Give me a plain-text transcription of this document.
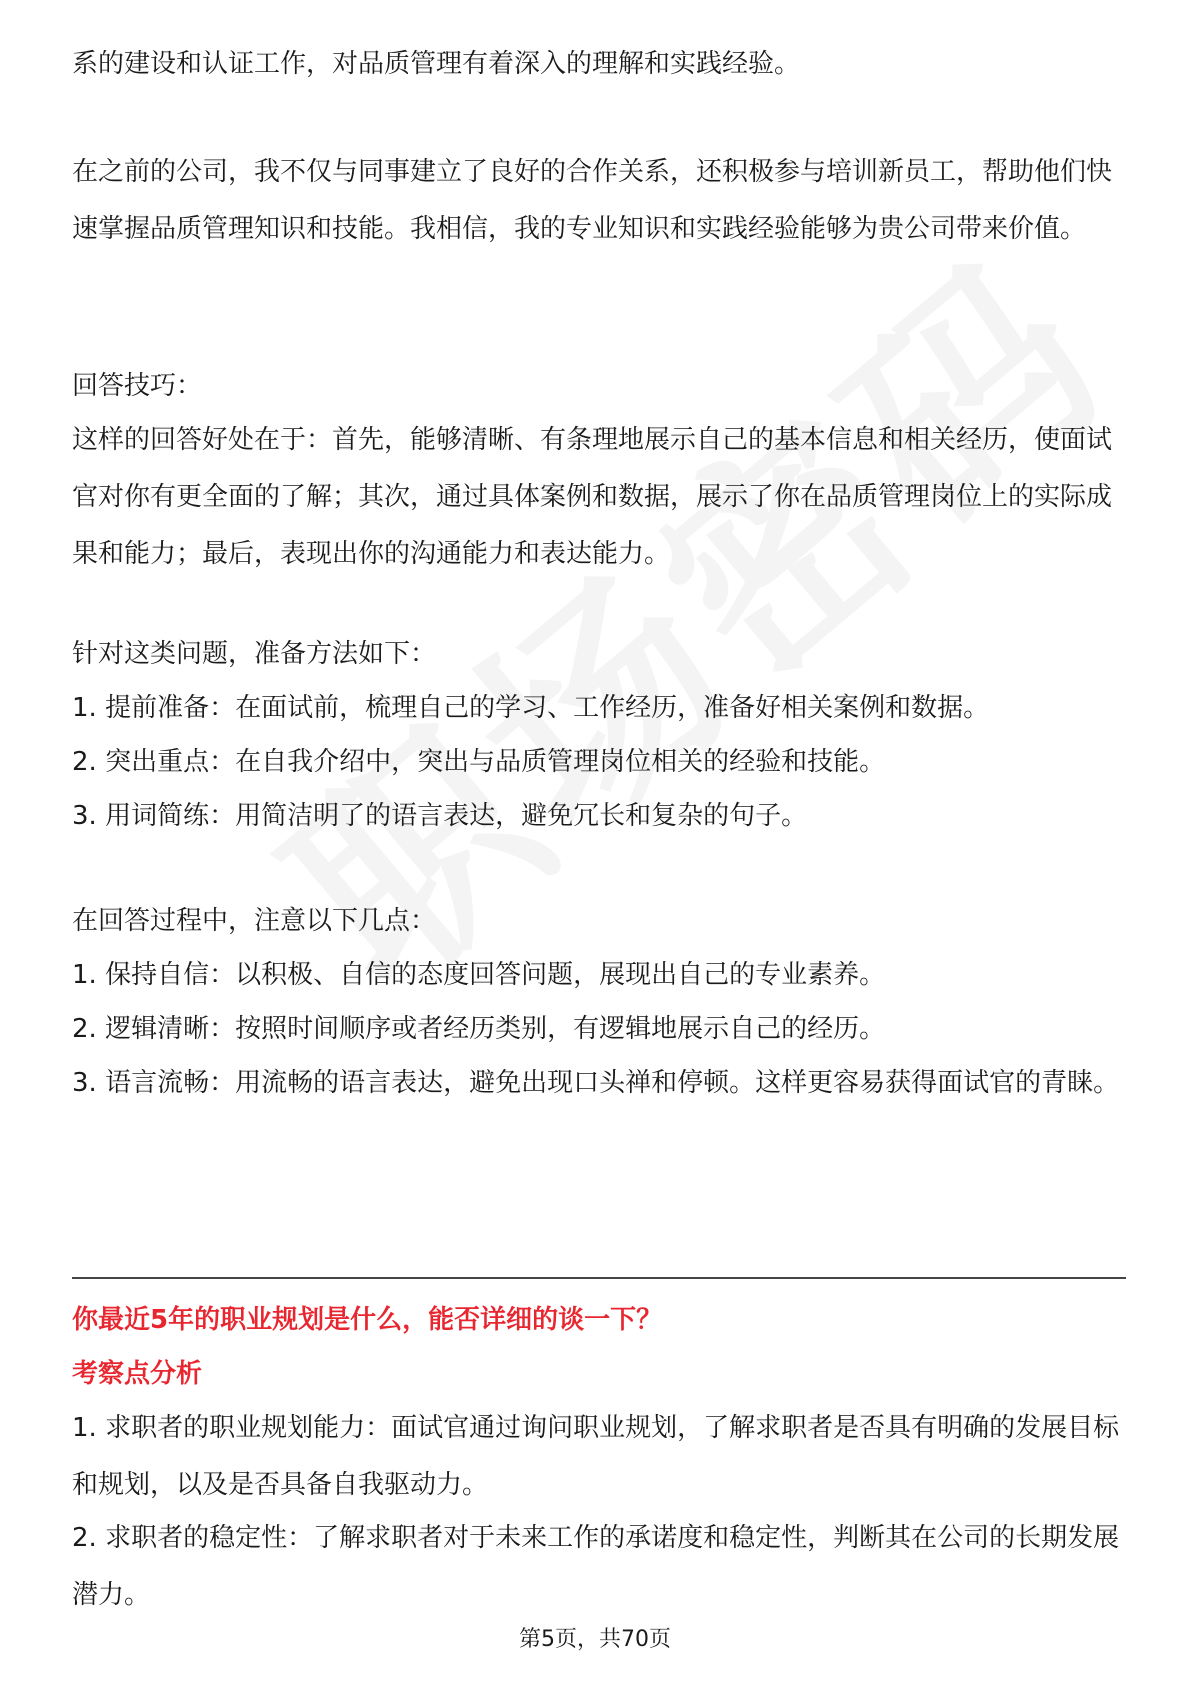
系的建设和认证工作，对品质管理有着深入的理解和实践经验。

在之前的公司，我不仅与同事建立了良好的合作关系，还积极参与培训新员工，帮助他们快速掌握品质管理知识和技能。我相信，我的专业知识和实践经验能够为贵公司带来价值。

回答技巧：

这样的回答好处在于：首先，能够清晰、有条理地展示自己的基本信息和相关经历，使面试官对你有更全面的了解；其次，通过具体案例和数据，展示了你在品质管理岗位上的实际成果和能力；最后，表现出你的沟通能力和表达能力。

针对这类问题，准备方法如下：

1. 提前准备：在面试前，梳理自己的学习、工作经历，准备好相关案例和数据。

2. 突出重点：在自我介绍中，突出与品质管理岗位相关的经验和技能。

3. 用词简练：用简洁明了的语言表达，避免冗长和复杂的句子。

在回答过程中，注意以下几点：

1. 保持自信：以积极、自信的态度回答问题，展现出自己的专业素养。

2. 逻辑清晰：按照时间顺序或者经历类别，有逻辑地展示自己的经历。

3. 语言流畅：用流畅的语言表达，避免出现口头禅和停顿。这样更容易获得面试官的青睐。

你最近5年的职业规划是什么，能否详细的谈一下？

考察点分析

1. 求职者的职业规划能力：面试官通过询问职业规划，了解求职者是否具有明确的发展目标和规划，以及是否具备自我驱动力。

2. 求职者的稳定性：了解求职者对于未来工作的承诺度和稳定性，判断其在公司的长期发展潜力。

第5页，共70页
